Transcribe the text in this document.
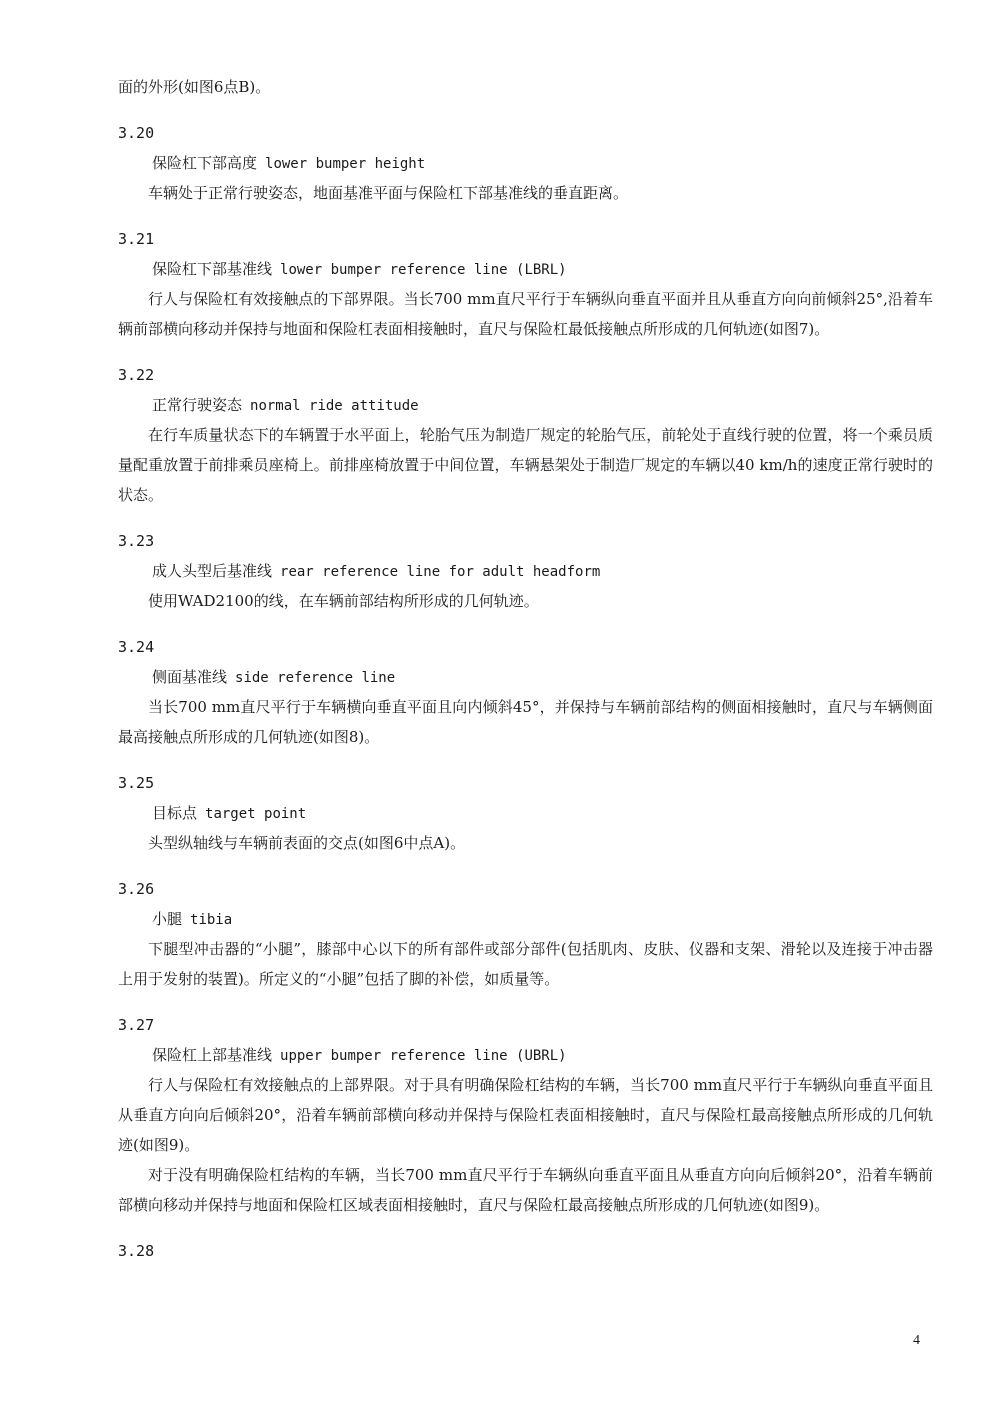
面的外形(如图6点B)。
3.20
保险杠下部高度 lower bumper height

车辆处于正常行驶姿态，地面基准平面与保险杠下部基准线的垂直距离。

3.21
保险杠下部基准线 lower bumper reference line (LBRL)

行人与保险杠有效接触点的下部界限。当长700 mm直尺平行于车辆纵向垂直平面并且从垂直方向向前倾斜25°,沿着车辆前部横向移动并保持与地面和保险杠表面相接触时，直尺与保险杠最低接触点所形成的几何轨迹(如图7)。

3.22
正常行驶姿态 normal ride attitude

在行车质量状态下的车辆置于水平面上，轮胎气压为制造厂规定的轮胎气压，前轮处于直线行驶的位置，将一个乘员质量配重放置于前排乘员座椅上。前排座椅放置于中间位置，车辆悬架处于制造厂规定的车辆以40 km/h的速度正常行驶时的状态。

3.23
成人头型后基准线 rear reference line for adult headform

使用WAD2100的线，在车辆前部结构所形成的几何轨迹。

3.24
侧面基准线 side reference line

当长700 mm直尺平行于车辆横向垂直平面且向内倾斜45°，并保持与车辆前部结构的侧面相接触时，直尺与车辆侧面最高接触点所形成的几何轨迹(如图8)。

3.25
目标点 target point

头型纵轴线与车辆前表面的交点(如图6中点A)。

3.26
小腿 tibia

下腿型冲击器的“小腿”，膝部中心以下的所有部件或部分部件(包括肌肉、皮肤、仪器和支架、滑轮以及连接于冲击器上用于发射的装置)。所定义的“小腿”包括了脚的补偿，如质量等。

3.27
保险杠上部基准线 upper bumper reference line (UBRL)

行人与保险杠有效接触点的上部界限。对于具有明确保险杠结构的车辆，当长700 mm直尺平行于车辆纵向垂直平面且从垂直方向向后倾斜20°，沿着车辆前部横向移动并保持与保险杠表面相接触时，直尺与保险杠最高接触点所形成的几何轨迹(如图9)。

对于没有明确保险杠结构的车辆，当长700 mm直尺平行于车辆纵向垂直平面且从垂直方向向后倾斜20°，沿着车辆前部横向移动并保持与地面和保险杠区域表面相接触时，直尺与保险杠最高接触点所形成的几何轨迹(如图9)。

3.28
4
